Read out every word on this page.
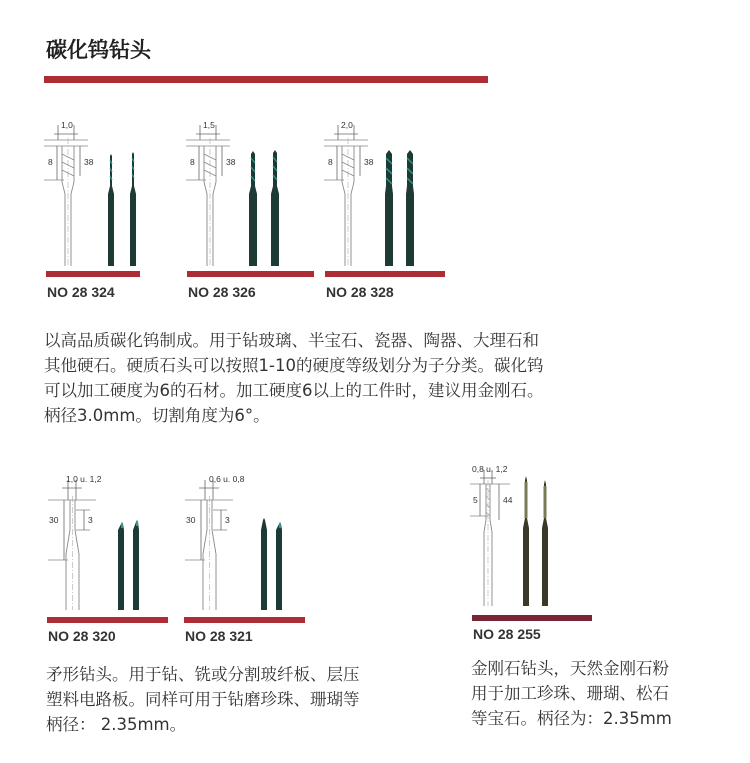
碳化钨钻头
1,0
8	38
NO 28 324
1,5
8	38
NO 28 326
2,0
8	38
NO 28 328
以高品质碳化钨制成。用于钻玻璃、半宝石、瓷器、陶器、大理石和
其他硬石。硬质石头可以按照1-10的硬度等级划分为子分类。碳化钨
可以加工硬度为6的石材。加工硬度6以上的工件时，建议用金刚石。
柄径3.0mm。切割角度为6°。
1,0 u. 1,2
30	3
NO 28 320
0,6 u. 0,8
30	3
NO 28 321
矛形钻头。用于钻、铣或分割玻纤板、层压
塑料电路板。同样可用于钻磨珍珠、珊瑚等
柄径： 2.35mm。
0,8 u. 1,2
5	44
NO 28 255
金刚石钻头，天然金刚石粉
用于加工珍珠、珊瑚、松石
等宝石。柄径为：2.35mm
